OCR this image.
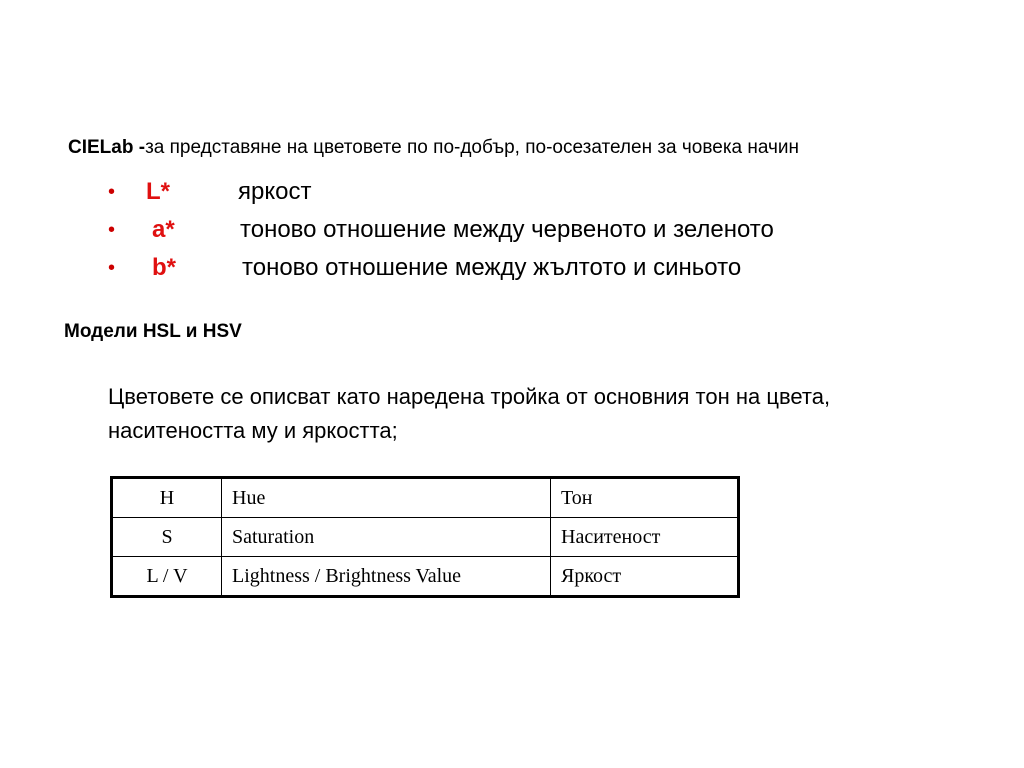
CIELab -за представяне на цветовете по по-добър, по-осезателен за човека начин
• L*	яркост
• a*	тоново отношение между червеното и зеленото
• b*	тоново отношение между жълтото и синьото
Модели HSL и HSV
Цветовете се описват като наредена тройка от основния тон на цвета, наситеността му и яркостта;
H	Hue	Тон
S	Saturation	Наситеност
L / V	Lightness / Brightness Value	Яркост
